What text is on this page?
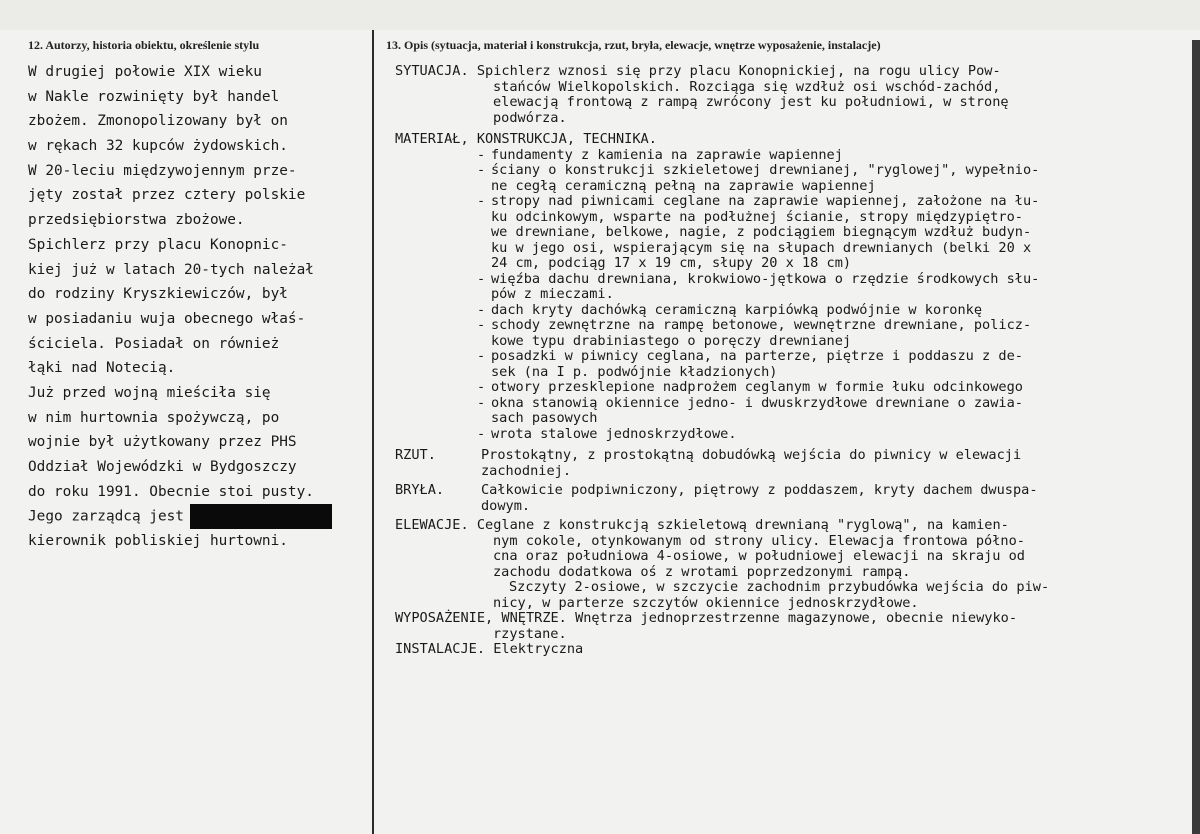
12. Autorzy, historia obiektu, określenie stylu	13. Opis (sytuacja, materiał i konstrukcja, rzut, bryła, elewacje, wnętrze wyposażenie, instalacje)
W drugiej połowie XIX wieku
w Nakle rozwinięty był handel
zbożem. Zmonopolizowany był on
w rękach 32 kupców żydowskich.
W 20-leciu międzywojennym prze-
jęty został przez cztery polskie
przedsiębiorstwa zbożowe.
Spichlerz przy placu Konopnic-
kiej już w latach 20-tych należał
do rodziny Kryszkiewiczów, był
w posiadaniu wuja obecnego właś-
ściciela. Posiadał on również
łąki nad Notecią.
Już przed wojną mieściła się
w nim hurtownia spożywczą, po
wojnie był użytkowany przez PHS
Oddział Wojewódzki w Bydgoszczy
do roku 1991. Obecnie stoi pusty.
Jego zarządcą jest
kierownik pobliskiej hurtowni.
SYTUACJA. Spichlerz wznosi się przy placu Konopnickiej, na rogu ulicy Pow-
stańców Wielkopolskich. Rozciąga się wzdłuż osi wschód-zachód,
elewacją frontową z rampą zwrócony jest ku południowi, w stronę
podwórza.
MATERIAŁ, KONSTRUKCJA, TECHNIKA.
- fundamenty z kamienia na zaprawie wapiennej
- ściany o konstrukcji szkieletowej drewnianej, "ryglowej", wypełnio-
ne cegłą ceramiczną pełną na zaprawie wapiennej
- stropy nad piwnicami ceglane na zaprawie wapiennej, założone na łu-
ku odcinkowym, wsparte na podłużnej ścianie, stropy międzypiętro-
we drewniane, belkowe, nagie, z podciągiem biegnącym wzdłuż budyn-
ku w jego osi, wspierającym się na słupach drewnianych (belki 20 x
24 cm, podciąg 17 x 19 cm, słupy 20 x 18 cm)
- więźba dachu drewniana, krokwiowo-jętkowa o rzędzie środkowych słu-
pów z mieczami.
- dach kryty dachówką ceramiczną karpiówką podwójnie w koronkę
- schody zewnętrzne na rampę betonowe, wewnętrzne drewniane, policz-
kowe typu drabiniastego o poręczy drewnianej
- posadzki w piwnicy ceglana, na parterze, piętrze i poddaszu z de-
sek (na I p. podwójnie kładzionych)
- otwory przesklepione nadprożem ceglanym w formie łuku odcinkowego
- okna stanowią okiennice jedno- i dwuskrzydłowe drewniane o zawia-
sach pasowych
- wrota stalowe jednoskrzydłowe.
RZUT.	Prostokątny, z prostokątną dobudówką wejścia do piwnicy w elewacji
zachodniej.
BRYŁA.	Całkowicie podpiwniczony, piętrowy z poddaszem, kryty dachem dwuspa-
dowym.
ELEWACJE. Ceglane z konstrukcją szkieletową drewnianą "ryglową", na kamien-
nym cokole, otynkowanym od strony ulicy. Elewacja frontowa półno-
cna oraz południowa 4-osiowe, w południowej elewacji na skraju od
zachodu dodatkowa oś z wrotami poprzedzonymi rampą.
Szczyty 2-osiowe, w szczycie zachodnim przybudówka wejścia do piw-
nicy, w parterze szczytów okiennice jednoskrzydłowe.
WYPOSAŻENIE, WNĘTRZE. Wnętrza jednoprzestrzenne magazynowe, obecnie niewyko-
rzystane.
INSTALACJE. Elektryczna
